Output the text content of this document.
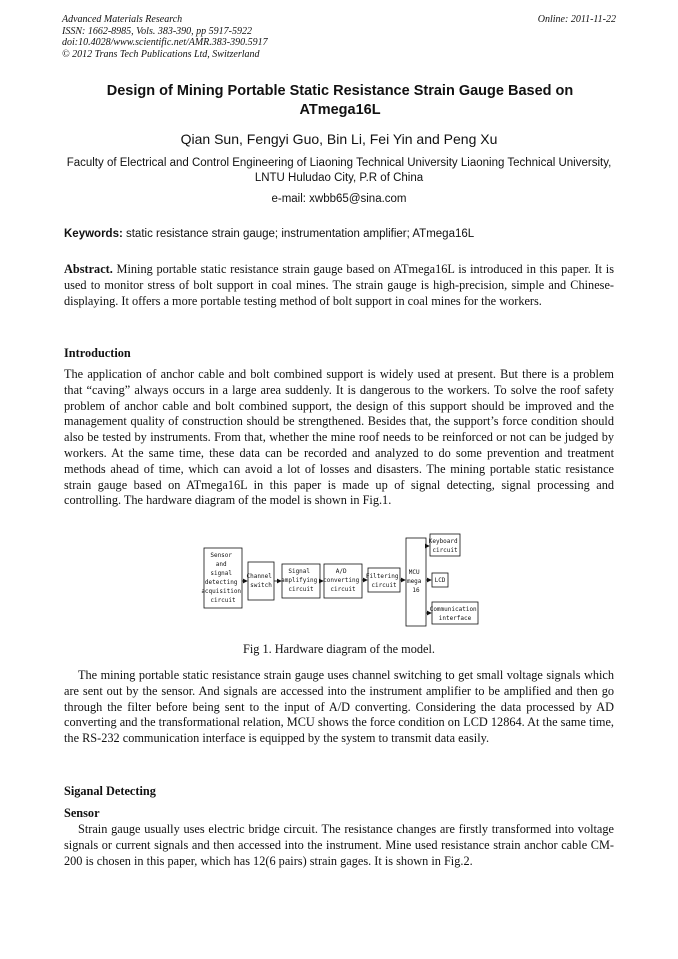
Advanced Materials Research
ISSN: 1662-8985, Vols. 383-390, pp 5917-5922
doi:10.4028/www.scientific.net/AMR.383-390.5917
© 2012 Trans Tech Publications Ltd, Switzerland
Online: 2011-11-22
Design of Mining Portable Static Resistance Strain Gauge Based on ATmega16L
Qian Sun, Fengyi Guo, Bin Li, Fei Yin and Peng Xu
Faculty of Electrical and Control Engineering of Liaoning Technical University Liaoning Technical University, LNTU Huludao City, P.R of China
e-mail: xwbb65@sina.com
Keywords: static resistance strain gauge; instrumentation amplifier; ATmega16L

Abstract. Mining portable static resistance strain gauge based on ATmega16L is introduced in this paper. It is used to monitor stress of bolt support in coal mines. The strain gauge is high-precision, simple and Chinese-displaying. It offers a more portable testing method of bolt support in coal mines for the workers.

Introduction

The application of anchor cable and bolt combined support is widely used at present. But there is a problem that “caving” always occurs in a large area suddenly. It is dangerous to the workers. To solve the roof safety problem of anchor cable and bolt combined support, the design of this support should be improved and the management quality of construction should be strengthened. Besides that, the support’s force condition should also be tested by instruments. From that, whether the mine roof needs to be reinforced or not can be judged by workers. At the same time, these data can be recorded and analyzed to do some prevention and treatment methods ahead of time, which can avoid a lot of losses and disasters. The mining portable static resistance strain gauge based on ATmega16L in this paper is made up of signal detecting, signal processing and controlling. The hardware diagram of the model is shown in Fig.1.

Sensor and signal detecting acquisition circuit
Channel switch
Signal amplifying circuit
A/D converting circuit
Filtering circuit
MCU mega 16
Keyboard circuit
LCD
Communication interface
Fig 1. Hardware diagram of the model.

The mining portable static resistance strain gauge uses channel switching to get small voltage signals which are sent out by the sensor. And signals are accessed into the instrument amplifier to be amplified and then go through the filter before being sent to the input of A/D converting. Considering the data processed by AD converting and the transformational relation, MCU shows the force condition on LCD 12864. At the same time, the RS-232 communication interface is equipped by the system to transmit data easily.

Siganal Detecting
Sensor

Strain gauge usually uses electric bridge circuit. The resistance changes are firstly transformed into voltage signals or current signals and then accessed into the instrument. Mine used resistance strain anchor cable CM-200 is chosen in this paper, which has 12(6 pairs) strain gages. It is shown in Fig.2.
